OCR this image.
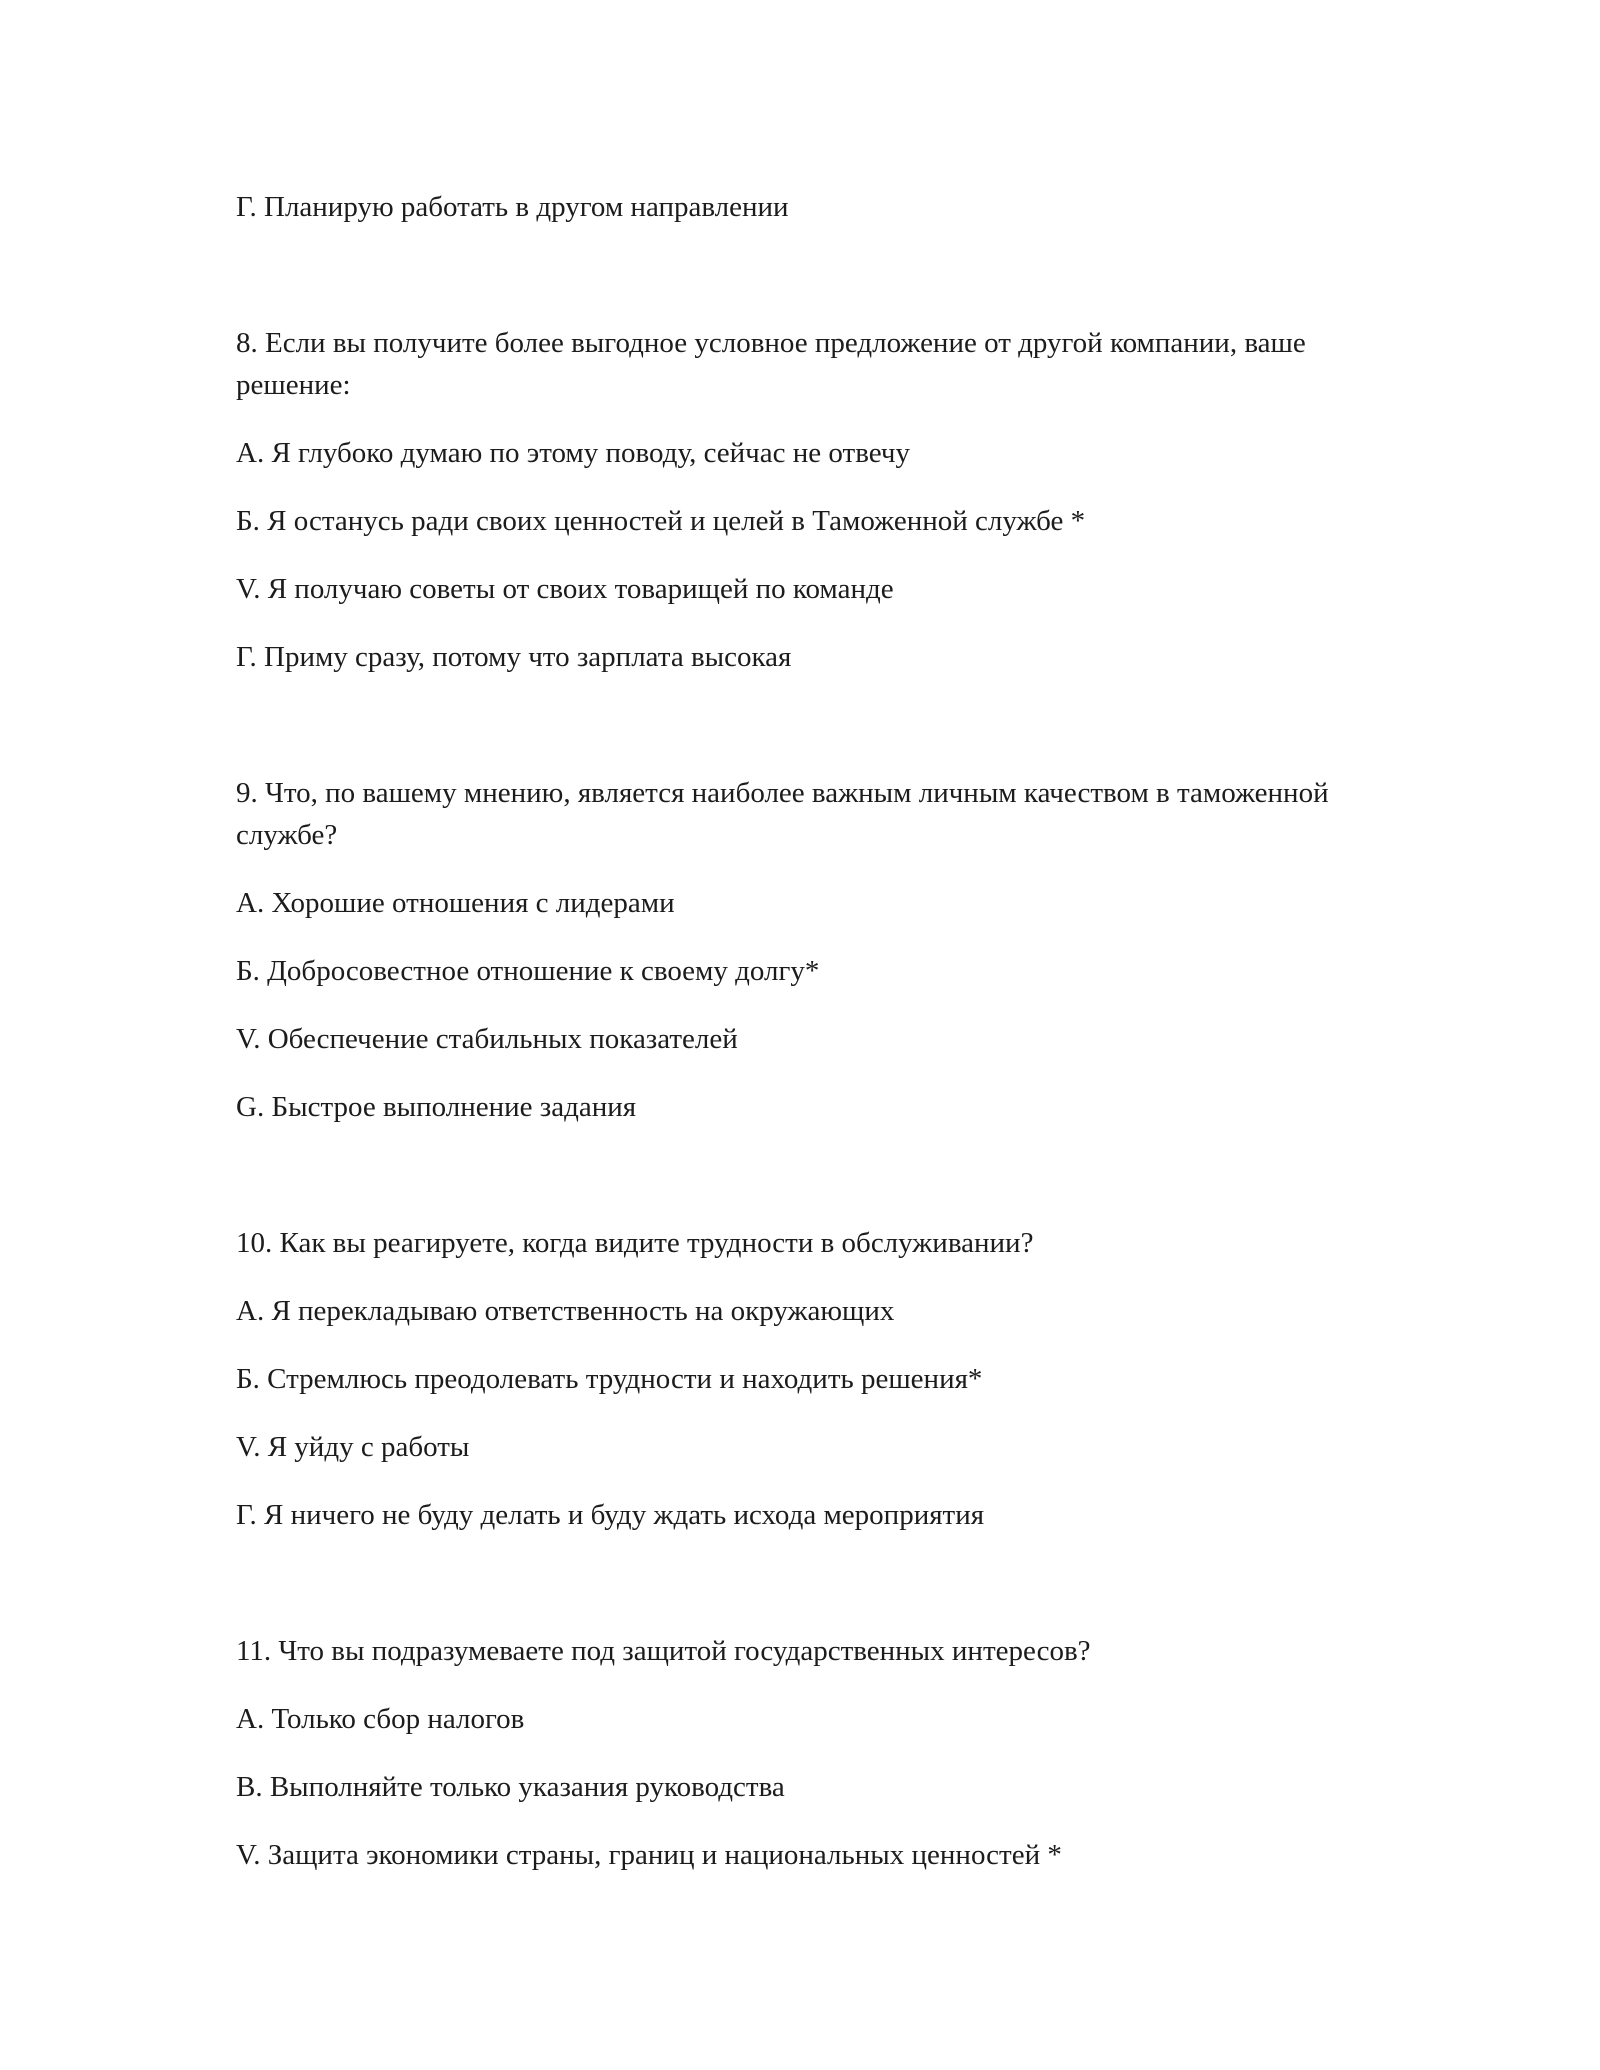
Г. Планирую работать в другом направлении
8. Если вы получите более выгодное условное предложение от другой компании, ваше решение:
А. Я глубоко думаю по этому поводу, сейчас не отвечу
Б. Я останусь ради своих ценностей и целей в Таможенной службе *
V. Я получаю советы от своих товарищей по команде
Г. Приму сразу, потому что зарплата высокая
9. Что, по вашему мнению, является наиболее важным личным качеством в таможенной службе?
А. Хорошие отношения с лидерами
Б. Добросовестное отношение к своему долгу*
V. Обеспечение стабильных показателей
G. Быстрое выполнение задания
10. Как вы реагируете, когда видите трудности в обслуживании?
А. Я перекладываю ответственность на окружающих
Б. Стремлюсь преодолевать трудности и находить решения*
V. Я уйду с работы
Г. Я ничего не буду делать и буду ждать исхода мероприятия
11. Что вы подразумеваете под защитой государственных интересов?
А. Только сбор налогов
В. Выполняйте только указания руководства
V. Защита экономики страны, границ и национальных ценностей *
